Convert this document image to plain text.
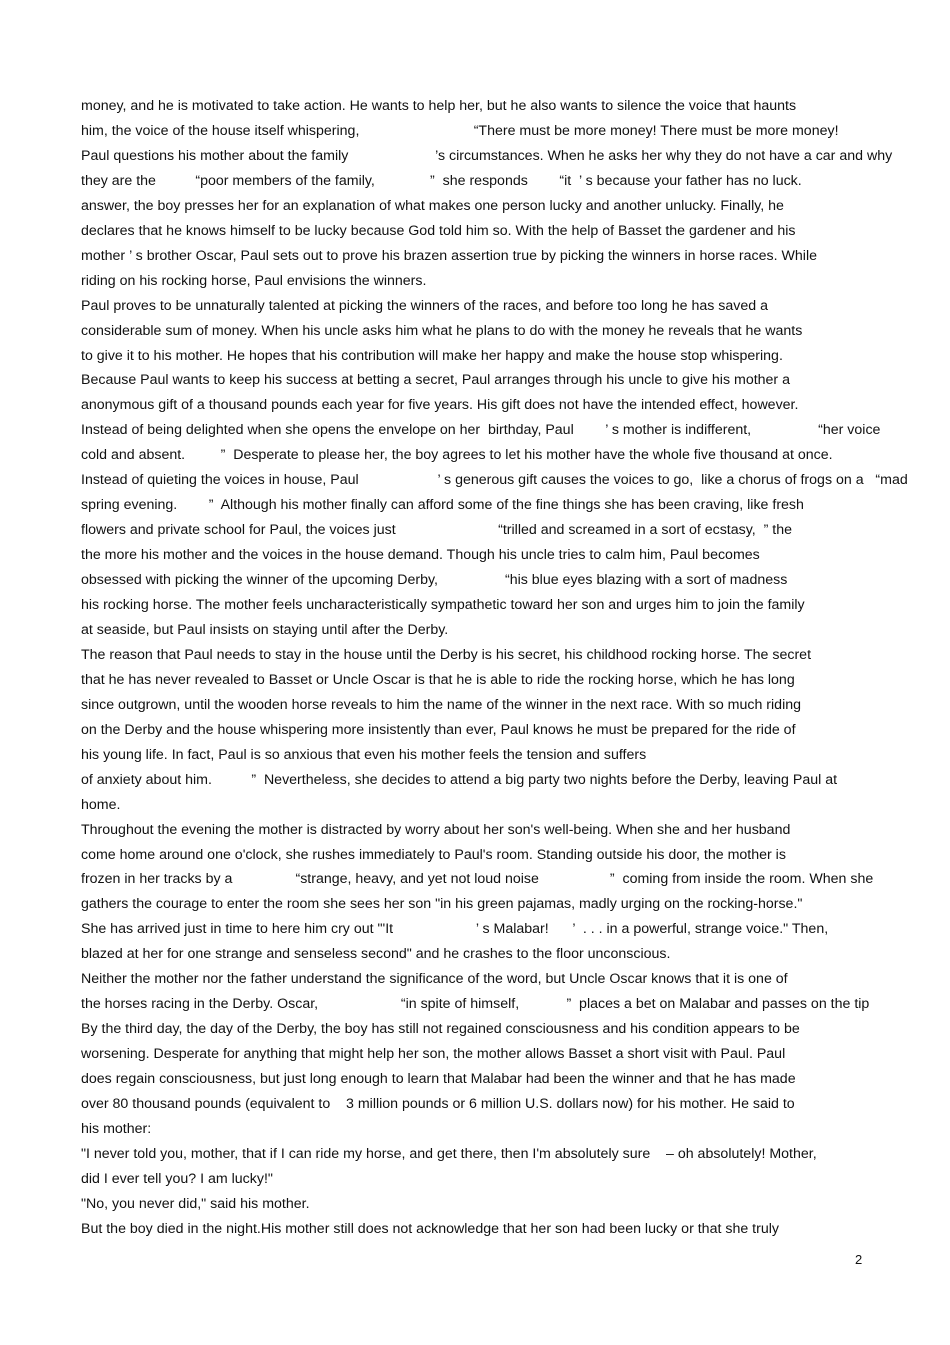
money, and he is motivated to take action. He wants to help her, but he also wants to silence the voice that haunts
him, the voice of the house itself whispering,                             “There must be more money! There must be more money!
Paul questions his mother about the family                      ’s circumstances. When he asks her why they do not have a car and why
they are the          “poor members of the family,              ”  she responds        “it  ’ s because your father has no luck.
answer, the boy presses her for an explanation of what makes one person lucky and another unlucky. Finally, he
declares that he knows himself to be lucky because God told him so. With the help of Basset the gardener and his
mother ’ s brother Oscar, Paul sets out to prove his brazen assertion true by picking the winners in horse races. While
riding on his rocking horse, Paul envisions the winners.
Paul proves to be unnaturally talented at picking the winners of the races, and before too long he has saved a
considerable sum of money. When his uncle asks him what he plans to do with the money he reveals that he wants
to give it to his mother. He hopes that his contribution will make her happy and make the house stop whispering.
Because Paul wants to keep his success at betting a secret, Paul arranges through his uncle to give his mother a
anonymous gift of a thousand pounds each year for five years. His gift does not have the intended effect, however.
Instead of being delighted when she opens the envelope on her  birthday, Paul        ’ s mother is indifferent,                 “her voice
cold and absent.         ”  Desperate to please her, the boy agrees to let his mother have the whole five thousand at once.
Instead of quieting the voices in house, Paul                    ’ s generous gift causes the voices to go,  like a chorus of frogs on a   “mad
spring evening.        ”  Although his mother finally can afford some of the fine things she has been craving, like fresh
flowers and private school for Paul, the voices just                          “trilled and screamed in a sort of ecstasy,  ” the
the more his mother and the voices in the house demand. Though his uncle tries to calm him, Paul becomes
obsessed with picking the winner of the upcoming Derby,                 “his blue eyes blazing with a sort of madness
his rocking horse. The mother feels uncharacteristically sympathetic toward her son and urges him to join the family
at seaside, but Paul insists on staying until after the Derby.
The reason that Paul needs to stay in the house until the Derby is his secret, his childhood rocking horse. The secret
that he has never revealed to Basset or Uncle Oscar is that he is able to ride the rocking horse, which he has long
since outgrown, until the wooden horse reveals to him the name of the winner in the next race. With so much riding
on the Derby and the house whispering more insistently than ever, Paul knows he must be prepared for the ride of
his young life. In fact, Paul is so anxious that even his mother feels the tension and suffers
of anxiety about him.          ”  Nevertheless, she decides to attend a big party two nights before the Derby, leaving Paul at
home.
Throughout the evening the mother is distracted by worry about her son's well-being. When she and her husband
come home around one o'clock, she rushes immediately to Paul's room. Standing outside his door, the mother is
frozen in her tracks by a                “strange, heavy, and yet not loud noise                  ”  coming from inside the room. When she
gathers the courage to enter the room she sees her son "in his green pajamas, madly urging on the rocking-horse."
She has arrived just in time to here him cry out "'It                     ’ s Malabar!      ’  . . . in a powerful, strange voice." Then,
blazed at her for one strange and senseless second" and he crashes to the floor unconscious.
Neither the mother nor the father understand the significance of the word, but Uncle Oscar knows that it is one of
the horses racing in the Derby. Oscar,                     “in spite of himself,            ”  places a bet on Malabar and passes on the tip
By the third day, the day of the Derby, the boy has still not regained consciousness and his condition appears to be
worsening. Desperate for anything that might help her son, the mother allows Basset a short visit with Paul. Paul
does regain consciousness, but just long enough to learn that Malabar had been the winner and that he has made
over 80 thousand pounds (equivalent to    3 million pounds or 6 million U.S. dollars now) for his mother. He said to
his mother:
"I never told you, mother, that if I can ride my horse, and get there, then I'm absolutely sure    – oh absolutely! Mother,
did I ever tell you? I am lucky!"
"No, you never did," said his mother.
But the boy died in the night.His mother still does not acknowledge that her son had been lucky or that she truly
2
